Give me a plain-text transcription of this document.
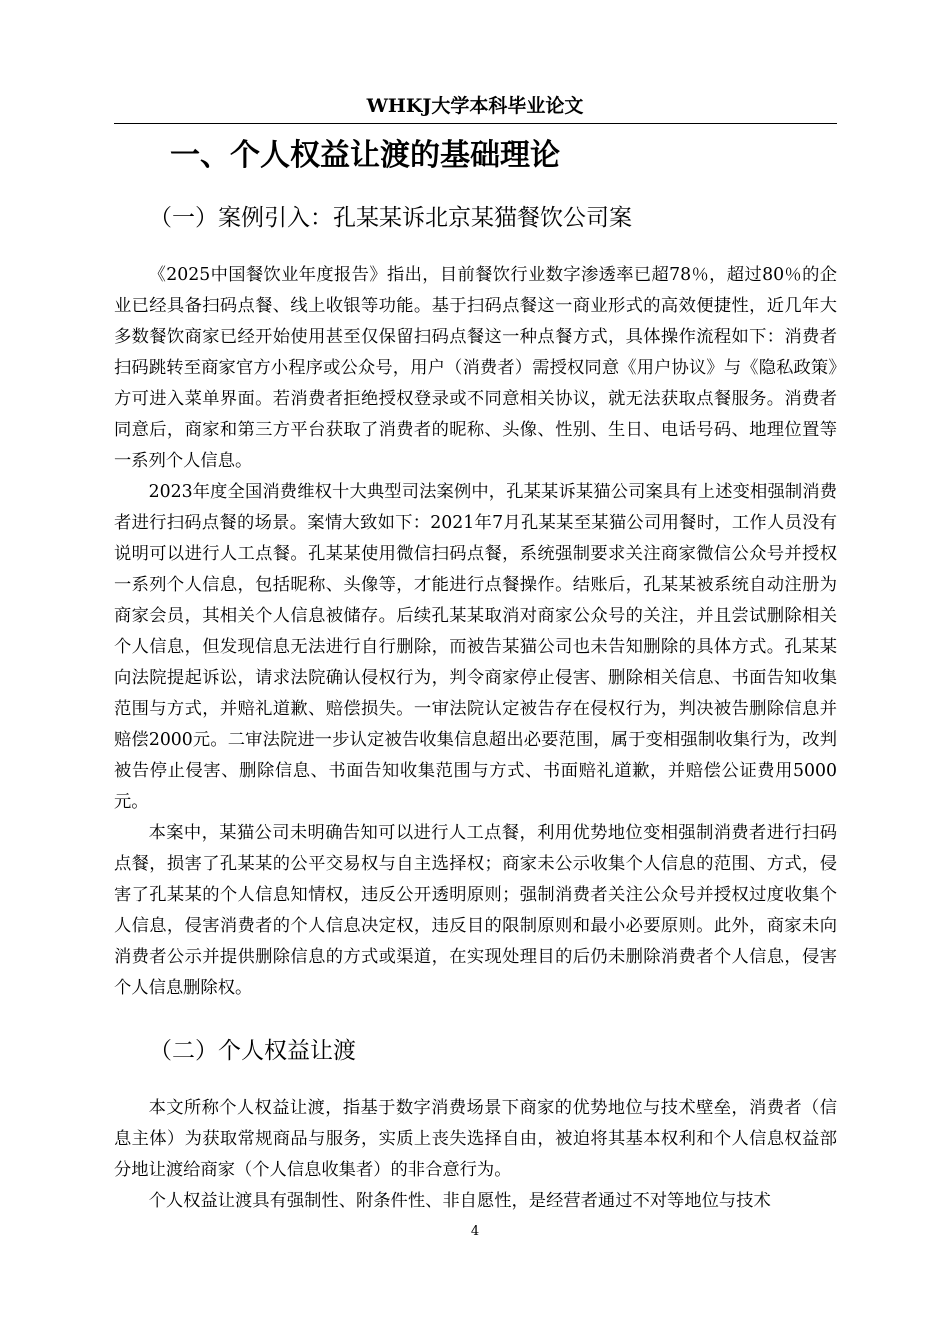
WHKJ大学本科毕业论文
一、个人权益让渡的基础理论
（一）案例引入：孔某某诉北京某猫餐饮公司案

《2025中国餐饮业年度报告》指出，目前餐饮行业数字渗透率已超78％，超过80％的企业已经具备扫码点餐、线上收银等功能。基于扫码点餐这一商业形式的高效便捷性，近几年大多数餐饮商家已经开始使用甚至仅保留扫码点餐这一种点餐方式，具体操作流程如下：消费者扫码跳转至商家官方小程序或公众号，用户（消费者）需授权同意《用户协议》与《隐私政策》方可进入菜单界面。若消费者拒绝授权登录或不同意相关协议，就无法获取点餐服务。消费者同意后，商家和第三方平台获取了消费者的昵称、头像、性别、生日、电话号码、地理位置等一系列个人信息。

2023年度全国消费维权十大典型司法案例中，孔某某诉某猫公司案具有上述变相强制消费者进行扫码点餐的场景。案情大致如下：2021年7月孔某某至某猫公司用餐时，工作人员没有说明可以进行人工点餐。孔某某使用微信扫码点餐，系统强制要求关注商家微信公众号并授权一系列个人信息，包括昵称、头像等，才能进行点餐操作。结账后，孔某某被系统自动注册为商家会员，其相关个人信息被储存。后续孔某某取消对商家公众号的关注，并且尝试删除相关个人信息，但发现信息无法进行自行删除，而被告某猫公司也未告知删除的具体方式。孔某某向法院提起诉讼，请求法院确认侵权行为，判令商家停止侵害、删除相关信息、书面告知收集范围与方式，并赔礼道歉、赔偿损失。一审法院认定被告存在侵权行为，判决被告删除信息并赔偿2000元。二审法院进一步认定被告收集信息超出必要范围，属于变相强制收集行为，改判被告停止侵害、删除信息、书面告知收集范围与方式、书面赔礼道歉，并赔偿公证费用5000元。

本案中，某猫公司未明确告知可以进行人工点餐，利用优势地位变相强制消费者进行扫码点餐，损害了孔某某的公平交易权与自主选择权；商家未公示收集个人信息的范围、方式，侵害了孔某某的个人信息知情权，违反公开透明原则；强制消费者关注公众号并授权过度收集个人信息，侵害消费者的个人信息决定权，违反目的限制原则和最小必要原则。此外，商家未向消费者公示并提供删除信息的方式或渠道，在实现处理目的后仍未删除消费者个人信息，侵害个人信息删除权。

（二）个人权益让渡

本文所称个人权益让渡，指基于数字消费场景下商家的优势地位与技术壁垒，消费者（信息主体）为获取常规商品与服务，实质上丧失选择自由，被迫将其基本权利和个人信息权益部分地让渡给商家（个人信息收集者）的非合意行为。

个人权益让渡具有强制性、附条件性、非自愿性，是经营者通过不对等地位与技术

4
